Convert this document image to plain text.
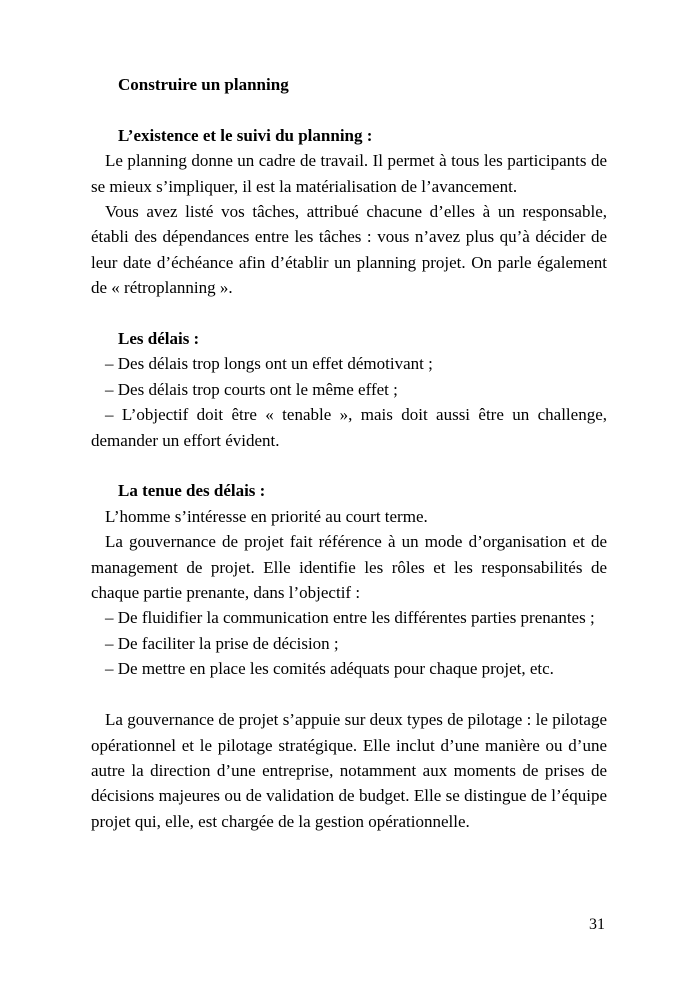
Construire un planning

L’existence et le suivi du planning :

Le planning donne un cadre de travail. Il permet à tous les participants de se mieux s’impliquer, il est la matérialisation de l’avancement.

Vous avez listé vos tâches, attribué chacune d’elles à un responsable, établi des dépendances entre les tâches : vous n’avez plus qu’à décider de leur date d’échéance afin d’établir un planning projet. On parle également de « rétroplanning ».

Les délais :

– Des délais trop longs ont un effet démotivant ;

– Des délais trop courts ont le même effet ;

– L’objectif doit être « tenable », mais doit aussi être un challenge, demander un effort évident.

La tenue des délais :

L’homme s’intéresse en priorité au court terme.

La gouvernance de projet fait référence à un mode d’organisation et de management de projet. Elle identifie les rôles et les responsabilités de chaque partie prenante, dans l’objectif :

– De fluidifier la communication entre les différentes parties prenantes ;

– De faciliter la prise de décision ;

– De mettre en place les comités adéquats pour chaque projet, etc.

La gouvernance de projet s’appuie sur deux types de pilotage : le pilotage opérationnel et le pilotage stratégique. Elle inclut d’une manière ou d’une autre la direction d’une entreprise, notamment aux moments de prises de décisions majeures ou de validation de budget. Elle se distingue de l’équipe projet qui, elle, est chargée de la gestion opérationnelle.

31
